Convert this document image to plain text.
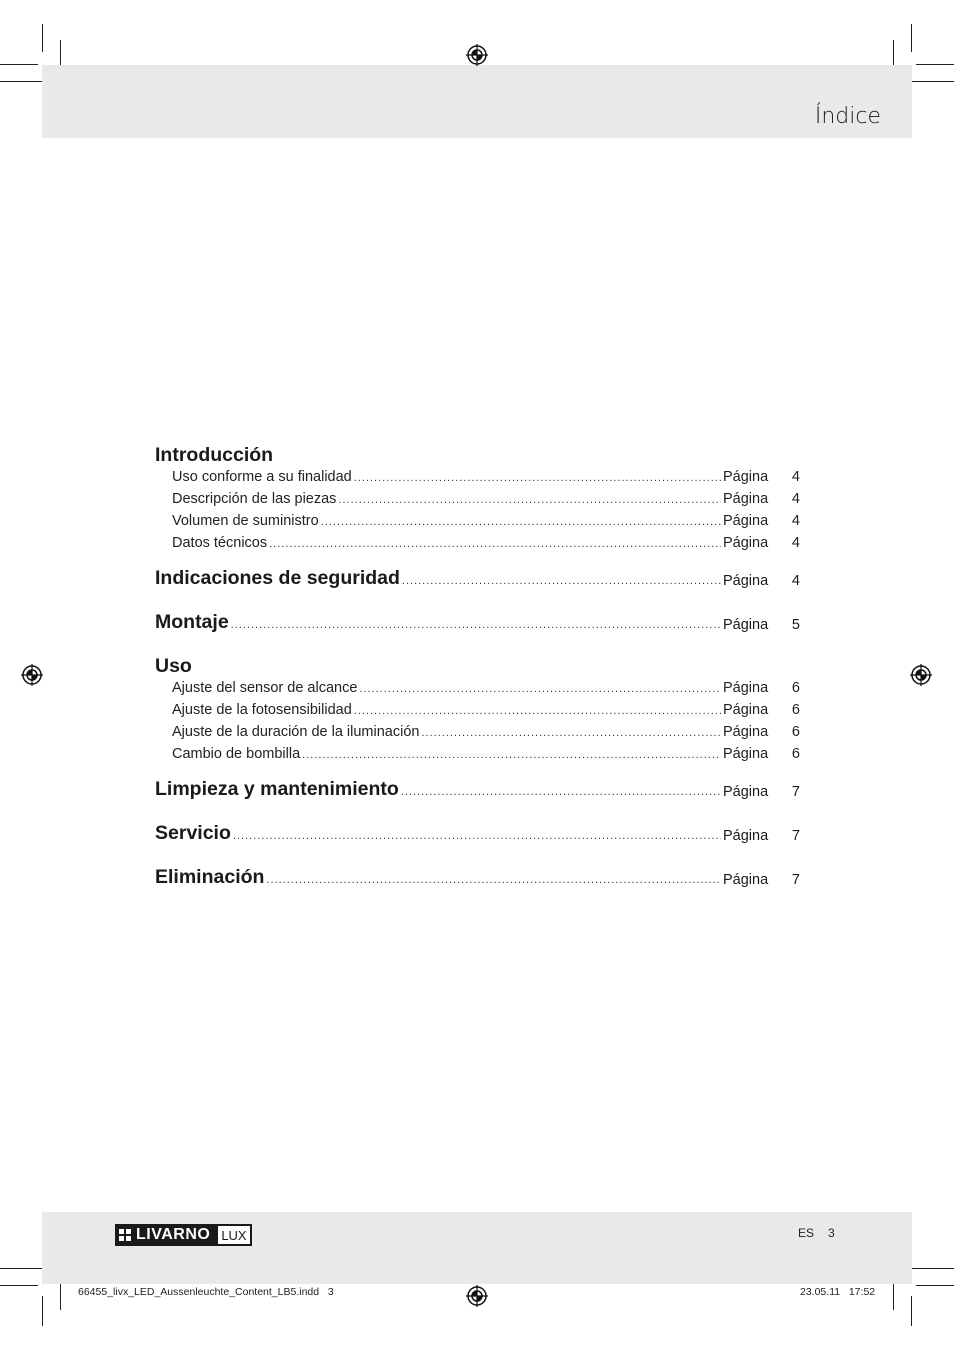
Índice
Introducción
Uso conforme a su finalidad .....	Página	4
Descripción de las piezas .....	Página	4
Volumen de suministro .....	Página	4
Datos técnicos .....	Página	4
Indicaciones de seguridad .....	Página	4
Montaje .....	Página	5
Uso
Ajuste del sensor de alcance .....	Página	6
Ajuste de la fotosensibilidad .....	Página	6
Ajuste de la duración de la iluminación .....	Página	6
Cambio de bombilla .....	Página	6
Limpieza y mantenimiento .....	Página	7
Servicio .....	Página	7
Eliminación .....	Página	7
LIVARNO LUX	ES 3
66455_livx_LED_Aussenleuchte_Content_LB5.indd   3	23.05.11   17:52
